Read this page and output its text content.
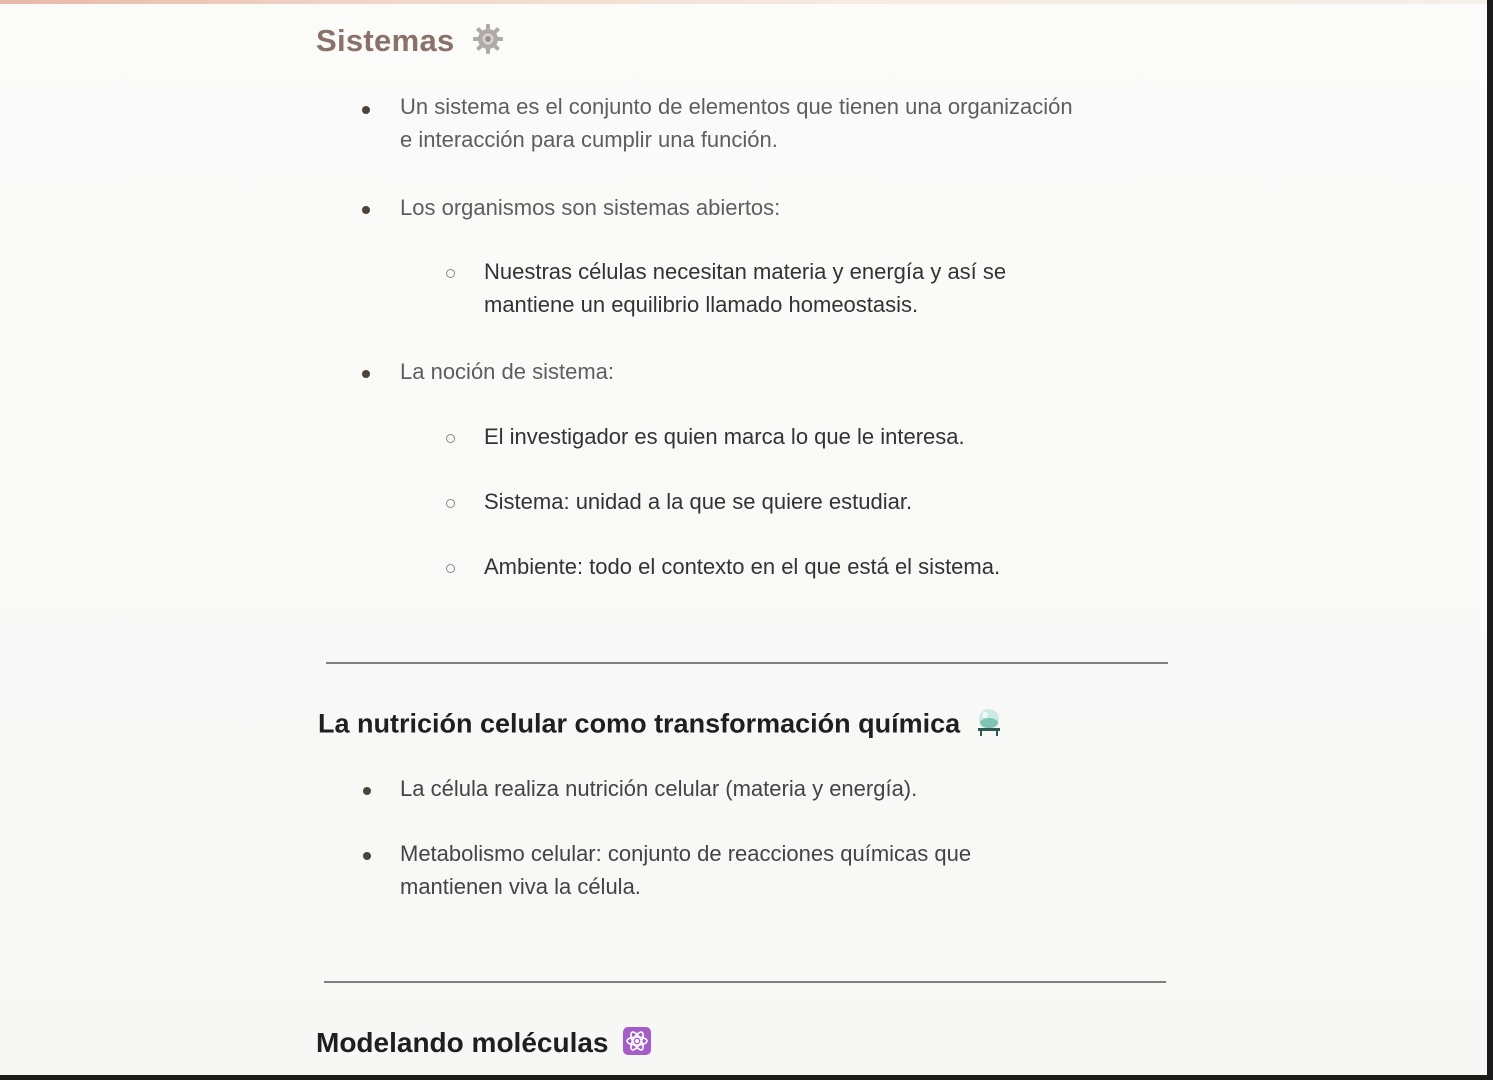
Sistemas
Un sistema es el conjunto de elementos que tienen una organización
e interacción para cumplir una función.
Los organismos son sistemas abiertos:
Nuestras células necesitan materia y energía y así se
mantiene un equilibrio llamado homeostasis.
La noción de sistema:
El investigador es quien marca lo que le interesa.
Sistema: unidad a la que se quiere estudiar.
Ambiente: todo el contexto en el que está el sistema.
La nutrición celular como transformación química
La célula realiza nutrición celular (materia y energía).
Metabolismo celular: conjunto de reacciones químicas que
mantienen viva la célula.
Modelando moléculas
